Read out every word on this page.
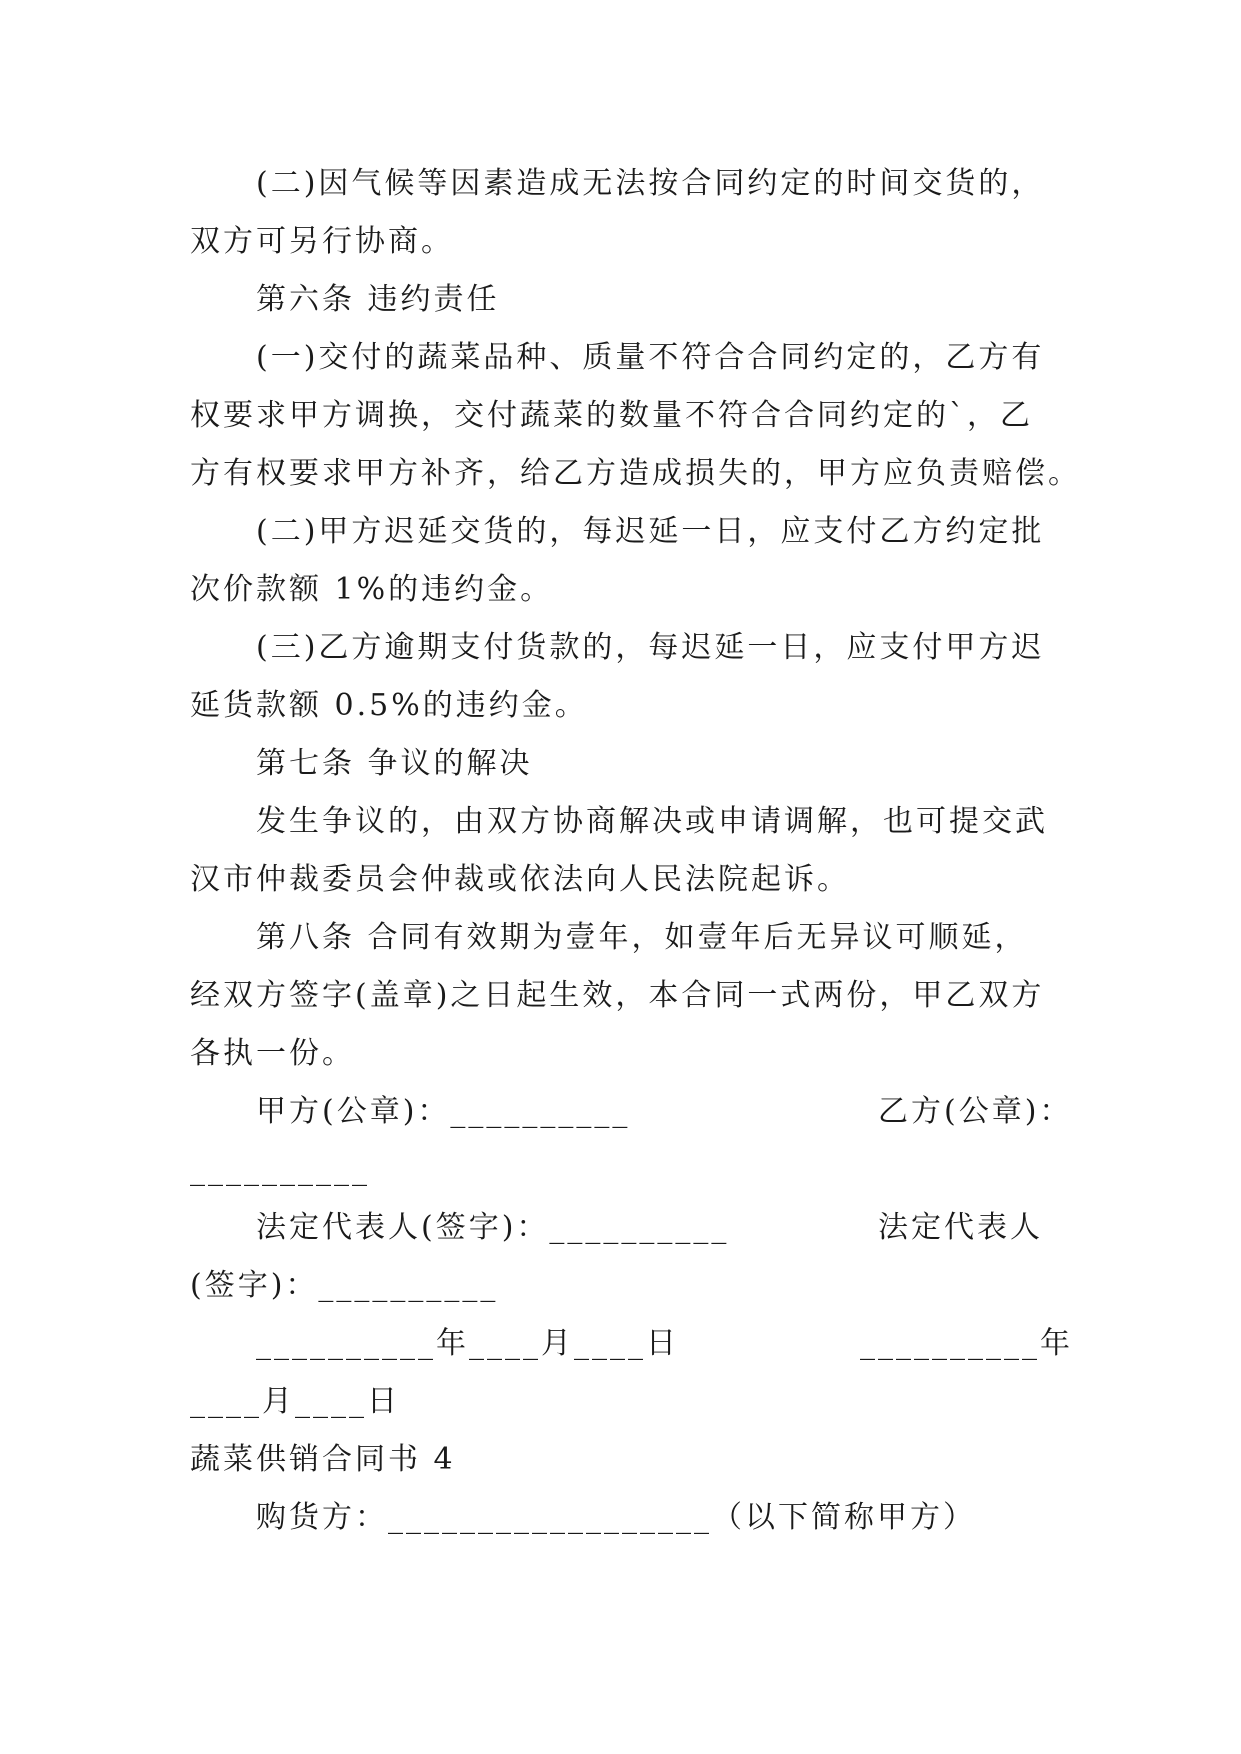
(二)因气候等因素造成无法按合同约定的时间交货的，
双方可另行协商。
第六条 违约责任
(一)交付的蔬菜品种、质量不符合合同约定的，乙方有
权要求甲方调换，交付蔬菜的数量不符合合同约定的`，乙
方有权要求甲方补齐，给乙方造成损失的，甲方应负责赔偿。
(二)甲方迟延交货的，每迟延一日，应支付乙方约定批
次价款额 1%的违约金。
(三)乙方逾期支付货款的，每迟延一日，应支付甲方迟
延货款额 0.5%的违约金。
第七条 争议的解决
发生争议的，由双方协商解决或申请调解，也可提交武
汉市仲裁委员会仲裁或依法向人民法院起诉。
第八条 合同有效期为壹年，如壹年后无异议可顺延，
经双方签字(盖章)之日起生效，本合同一式两份，甲乙双方
各执一份。
甲方(公章)：__________	乙方(公章)：
__________
法定代表人(签字)：__________	法定代表人
(签字)：__________
__________年____月____日	__________年
____月____日
蔬菜供销合同书 4
购货方：__________________（以下简称甲方）
